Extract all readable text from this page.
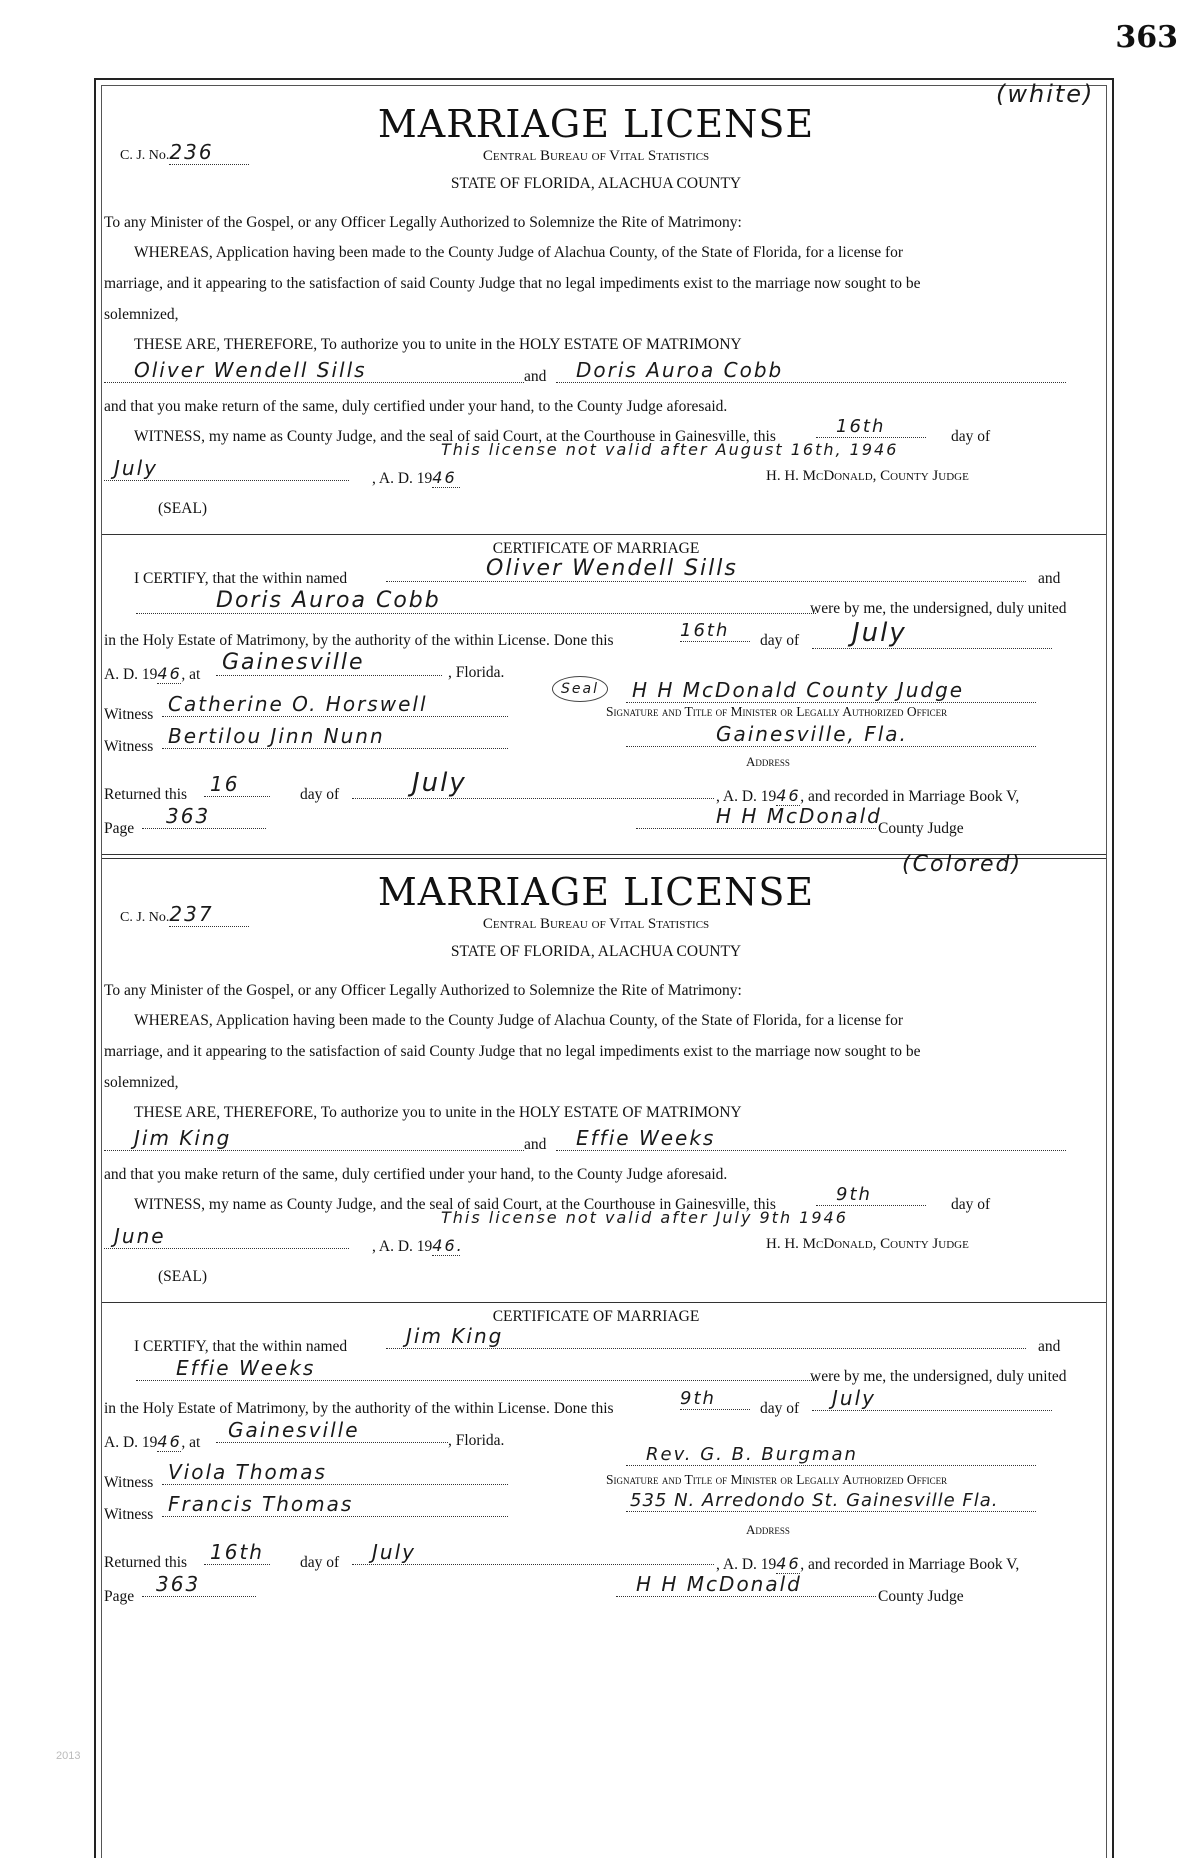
363
2013
(white)
C. J. No.236
MARRIAGE LICENSE
Central Bureau of Vital Statistics
STATE OF FLORIDA, ALACHUA COUNTY
To any Minister of the Gospel, or any Officer Legally Authorized to Solemnize the Rite of Matrimony:
WHEREAS, Application having been made to the County Judge of Alachua County, of the State of Florida, for a license for
marriage, and it appearing to the satisfaction of said County Judge that no legal impediments exist to the marriage now sought to be
solemnized,
THESE ARE, THEREFORE, To authorize you to unite in the HOLY ESTATE OF MATRIMONY
Oliver Wendell Sills	and	Doris Auroa Cobb
and that you make return of the same, duly certified under your hand, to the County Judge aforesaid.
WITNESS, my name as County Judge, and the seal of said Court, at the Courthouse in Gainesville, this	16th	day of
This license not valid after August 16th, 1946
July	, A. D. 1946	H. H. McDonald, County Judge
(SEAL)
CERTIFICATE OF MARRIAGE
I CERTIFY, that the within named	Oliver Wendell Sills	and
Doris Auroa Cobb	were by me, the undersigned, duly united
in the Holy Estate of Matrimony, by the authority of the within License. Done this	16th	day of	July
A. D. 1946, at Gainesville	, Florida.
Witness Catherine O. Horswell
Seal	H H McDonald County Judge
Signature and Title of Minister or Legally Authorized Officer
Witness Bertilou Jinn Nunn	Gainesville, Fla.
Address
Returned this	16	day of	July	, A. D. 1946, and recorded in Marriage Book V,
Page
363	H H McDonald
County Judge
(Colored)
C. J. No.237	MARRIAGE LICENSE
Central Bureau of Vital Statistics
STATE OF FLORIDA, ALACHUA COUNTY
To any Minister of the Gospel, or any Officer Legally Authorized to Solemnize the Rite of Matrimony:
WHEREAS, Application having been made to the County Judge of Alachua County, of the State of Florida, for a license for
marriage, and it appearing to the satisfaction of said County Judge that no legal impediments exist to the marriage now sought to be
solemnized,
THESE ARE, THEREFORE, To authorize you to unite in the HOLY ESTATE OF MATRIMONY
Jim King	and	Effie Weeks
and that you make return of the same, duly certified under your hand, to the County Judge aforesaid.
WITNESS, my name as County Judge, and the seal of said Court, at the Courthouse in Gainesville, this	9th	day of
This license not valid after July 9th 1946
June	, A. D. 1946.	H. H. McDonald, County Judge
(SEAL)
CERTIFICATE OF MARRIAGE
I CERTIFY, that the within named	Jim King	and
Effie Weeks	were by me, the undersigned, duly united
in the Holy Estate of Matrimony, by the authority of the within License. Done this	9th	day of	July
A. D. 1946, at
Gainesville	, Florida.
Witness Viola Thomas
Rev. G. B. Burgman
Signature and Title of Minister or Legally Authorized Officer
Witness Francis Thomas	535 N. Arredondo St. Gainesville Fla.
Address
Returned this	16th	day of	July
, A. D. 1946, and recorded in Marriage Book V,
Page
363	H H McDonald
County Judge
